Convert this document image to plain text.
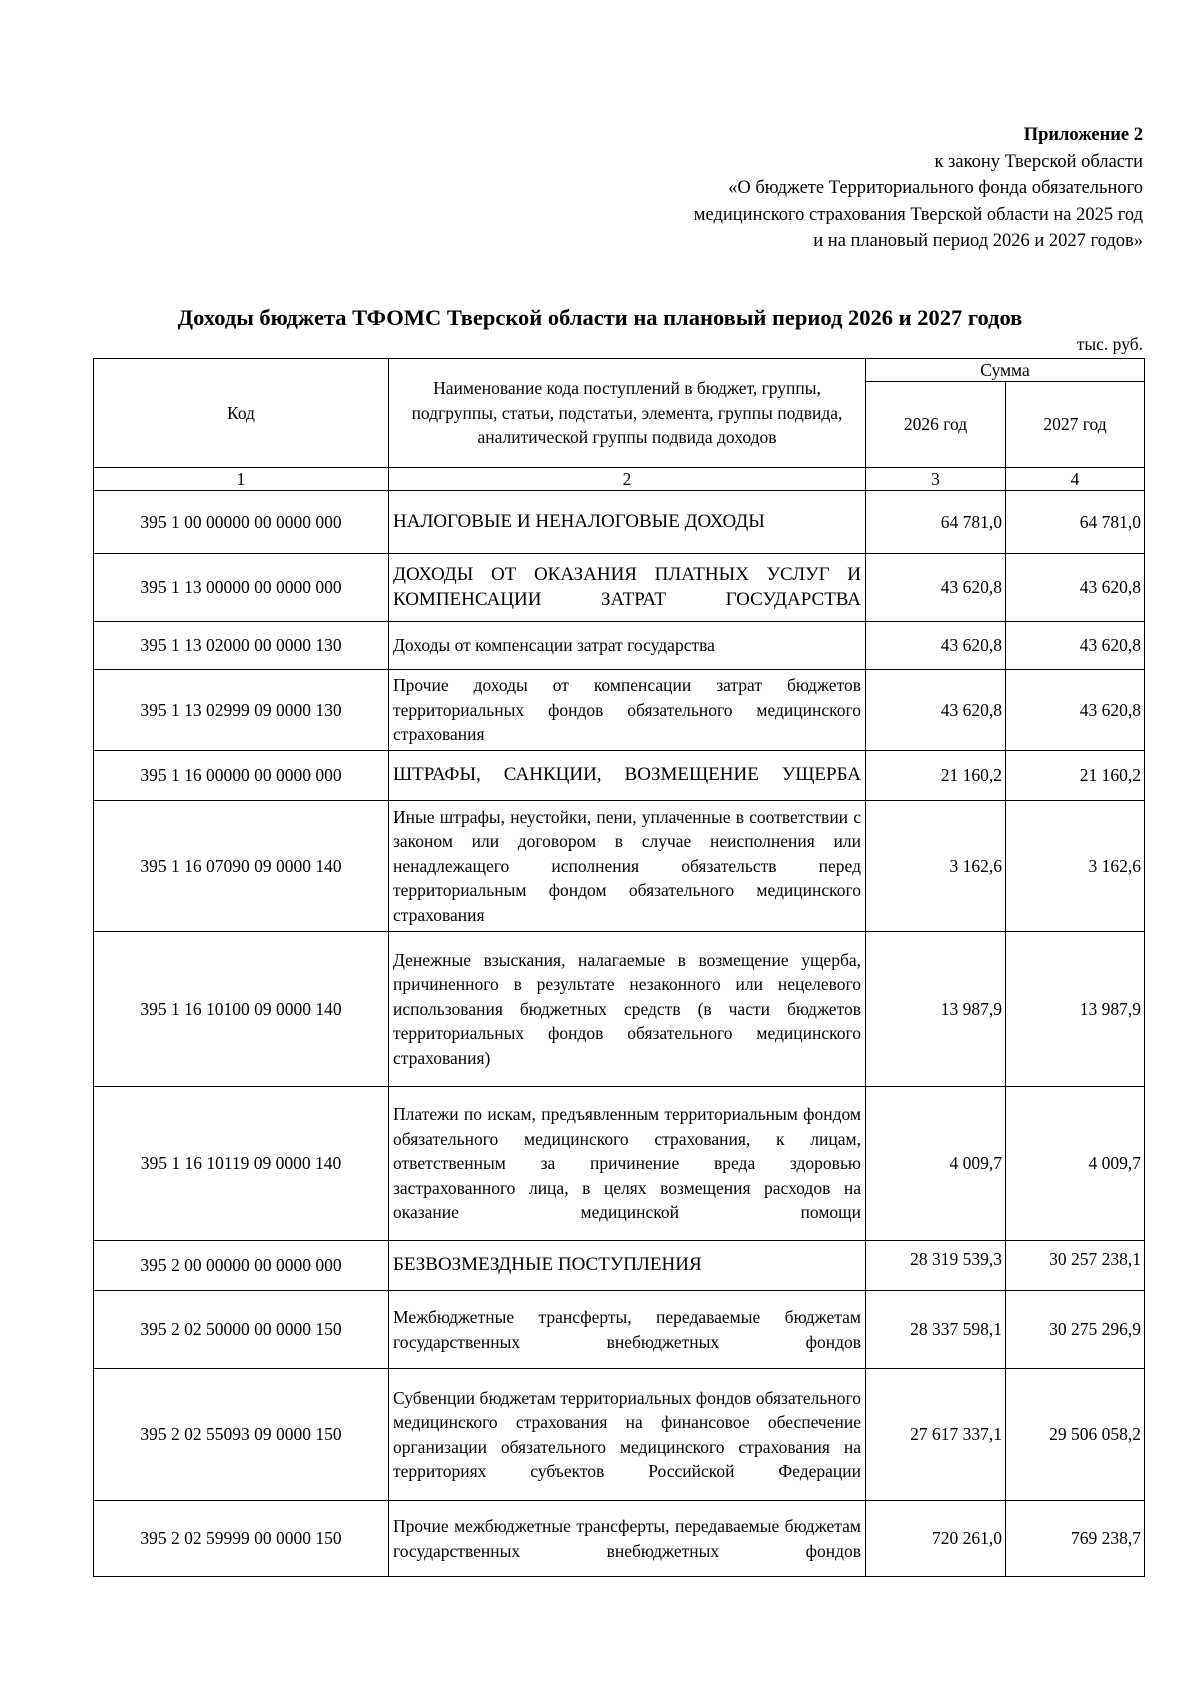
Приложение 2
к закону Тверской области
«О бюджете Территориального фонда обязательного
медицинского страхования Тверской области на 2025 год
и на плановый период 2026 и 2027 годов»
Доходы бюджета ТФОМС Тверской области на плановый период 2026 и 2027 годов
тыс. руб.
Код	Наименование кода поступлений в бюджет, группы, подгруппы, статьи, подстатьи, элемента, группы подвида, аналитической группы подвида доходов	Сумма	
		2026 год	2027 год
1	2	3	4
395 1 00 00000 00 0000 000	НАЛОГОВЫЕ И НЕНАЛОГОВЫЕ ДОХОДЫ	64 781,0	64 781,0
395 1 13 00000 00 0000 000	ДОХОДЫ ОТ ОКАЗАНИЯ ПЛАТНЫХ УСЛУГ И КОМПЕНСАЦИИ ЗАТРАТ ГОСУДАРСТВА	43 620,8	43 620,8
395 1 13 02000 00 0000 130	Доходы от компенсации затрат государства	43 620,8	43 620,8
395 1 13 02999 09 0000 130	Прочие доходы от компенсации затрат бюджетов территориальных фондов обязательного медицинского страхования	43 620,8	43 620,8
395 1 16 00000 00 0000 000	ШТРАФЫ, САНКЦИИ, ВОЗМЕЩЕНИЕ УЩЕРБА	21 160,2	21 160,2
395 1 16 07090 09 0000 140	Иные штрафы, неустойки, пени, уплаченные в соответствии с законом или договором в случае неисполнения или ненадлежащего исполнения обязательств перед территориальным фондом обязательного медицинского страхования	3 162,6	3 162,6
395 1 16 10100 09 0000 140	Денежные взыскания, налагаемые в возмещение ущерба, причиненного в результате незаконного или нецелевого использования бюджетных средств (в части бюджетов территориальных фондов обязательного медицинского страхования)	13 987,9	13 987,9
395 1 16 10119 09 0000 140	Платежи по искам, предъявленным территориальным фондом обязательного медицинского страхования, к лицам, ответственным за причинение вреда здоровью застрахованного лица, в целях возмещения расходов на оказание медицинской помощи	4 009,7	4 009,7
395 2 00 00000 00 0000 000	БЕЗВОЗМЕЗДНЫЕ ПОСТУПЛЕНИЯ	28 319 539,3	30 257 238,1
395 2 02 50000 00 0000 150	Межбюджетные трансферты, передаваемые бюджетам государственных внебюджетных фондов	28 337 598,1	30 275 296,9
395 2 02 55093 09 0000 150	Субвенции бюджетам территориальных фондов обязательного медицинского страхования на финансовое обеспечение организации обязательного медицинского страхования на территориях субъектов Российской Федерации	27 617 337,1	29 506 058,2
395 2 02 59999 00 0000 150	Прочие межбюджетные трансферты, передаваемые бюджетам государственных внебюджетных фондов	720 261,0	769 238,7
